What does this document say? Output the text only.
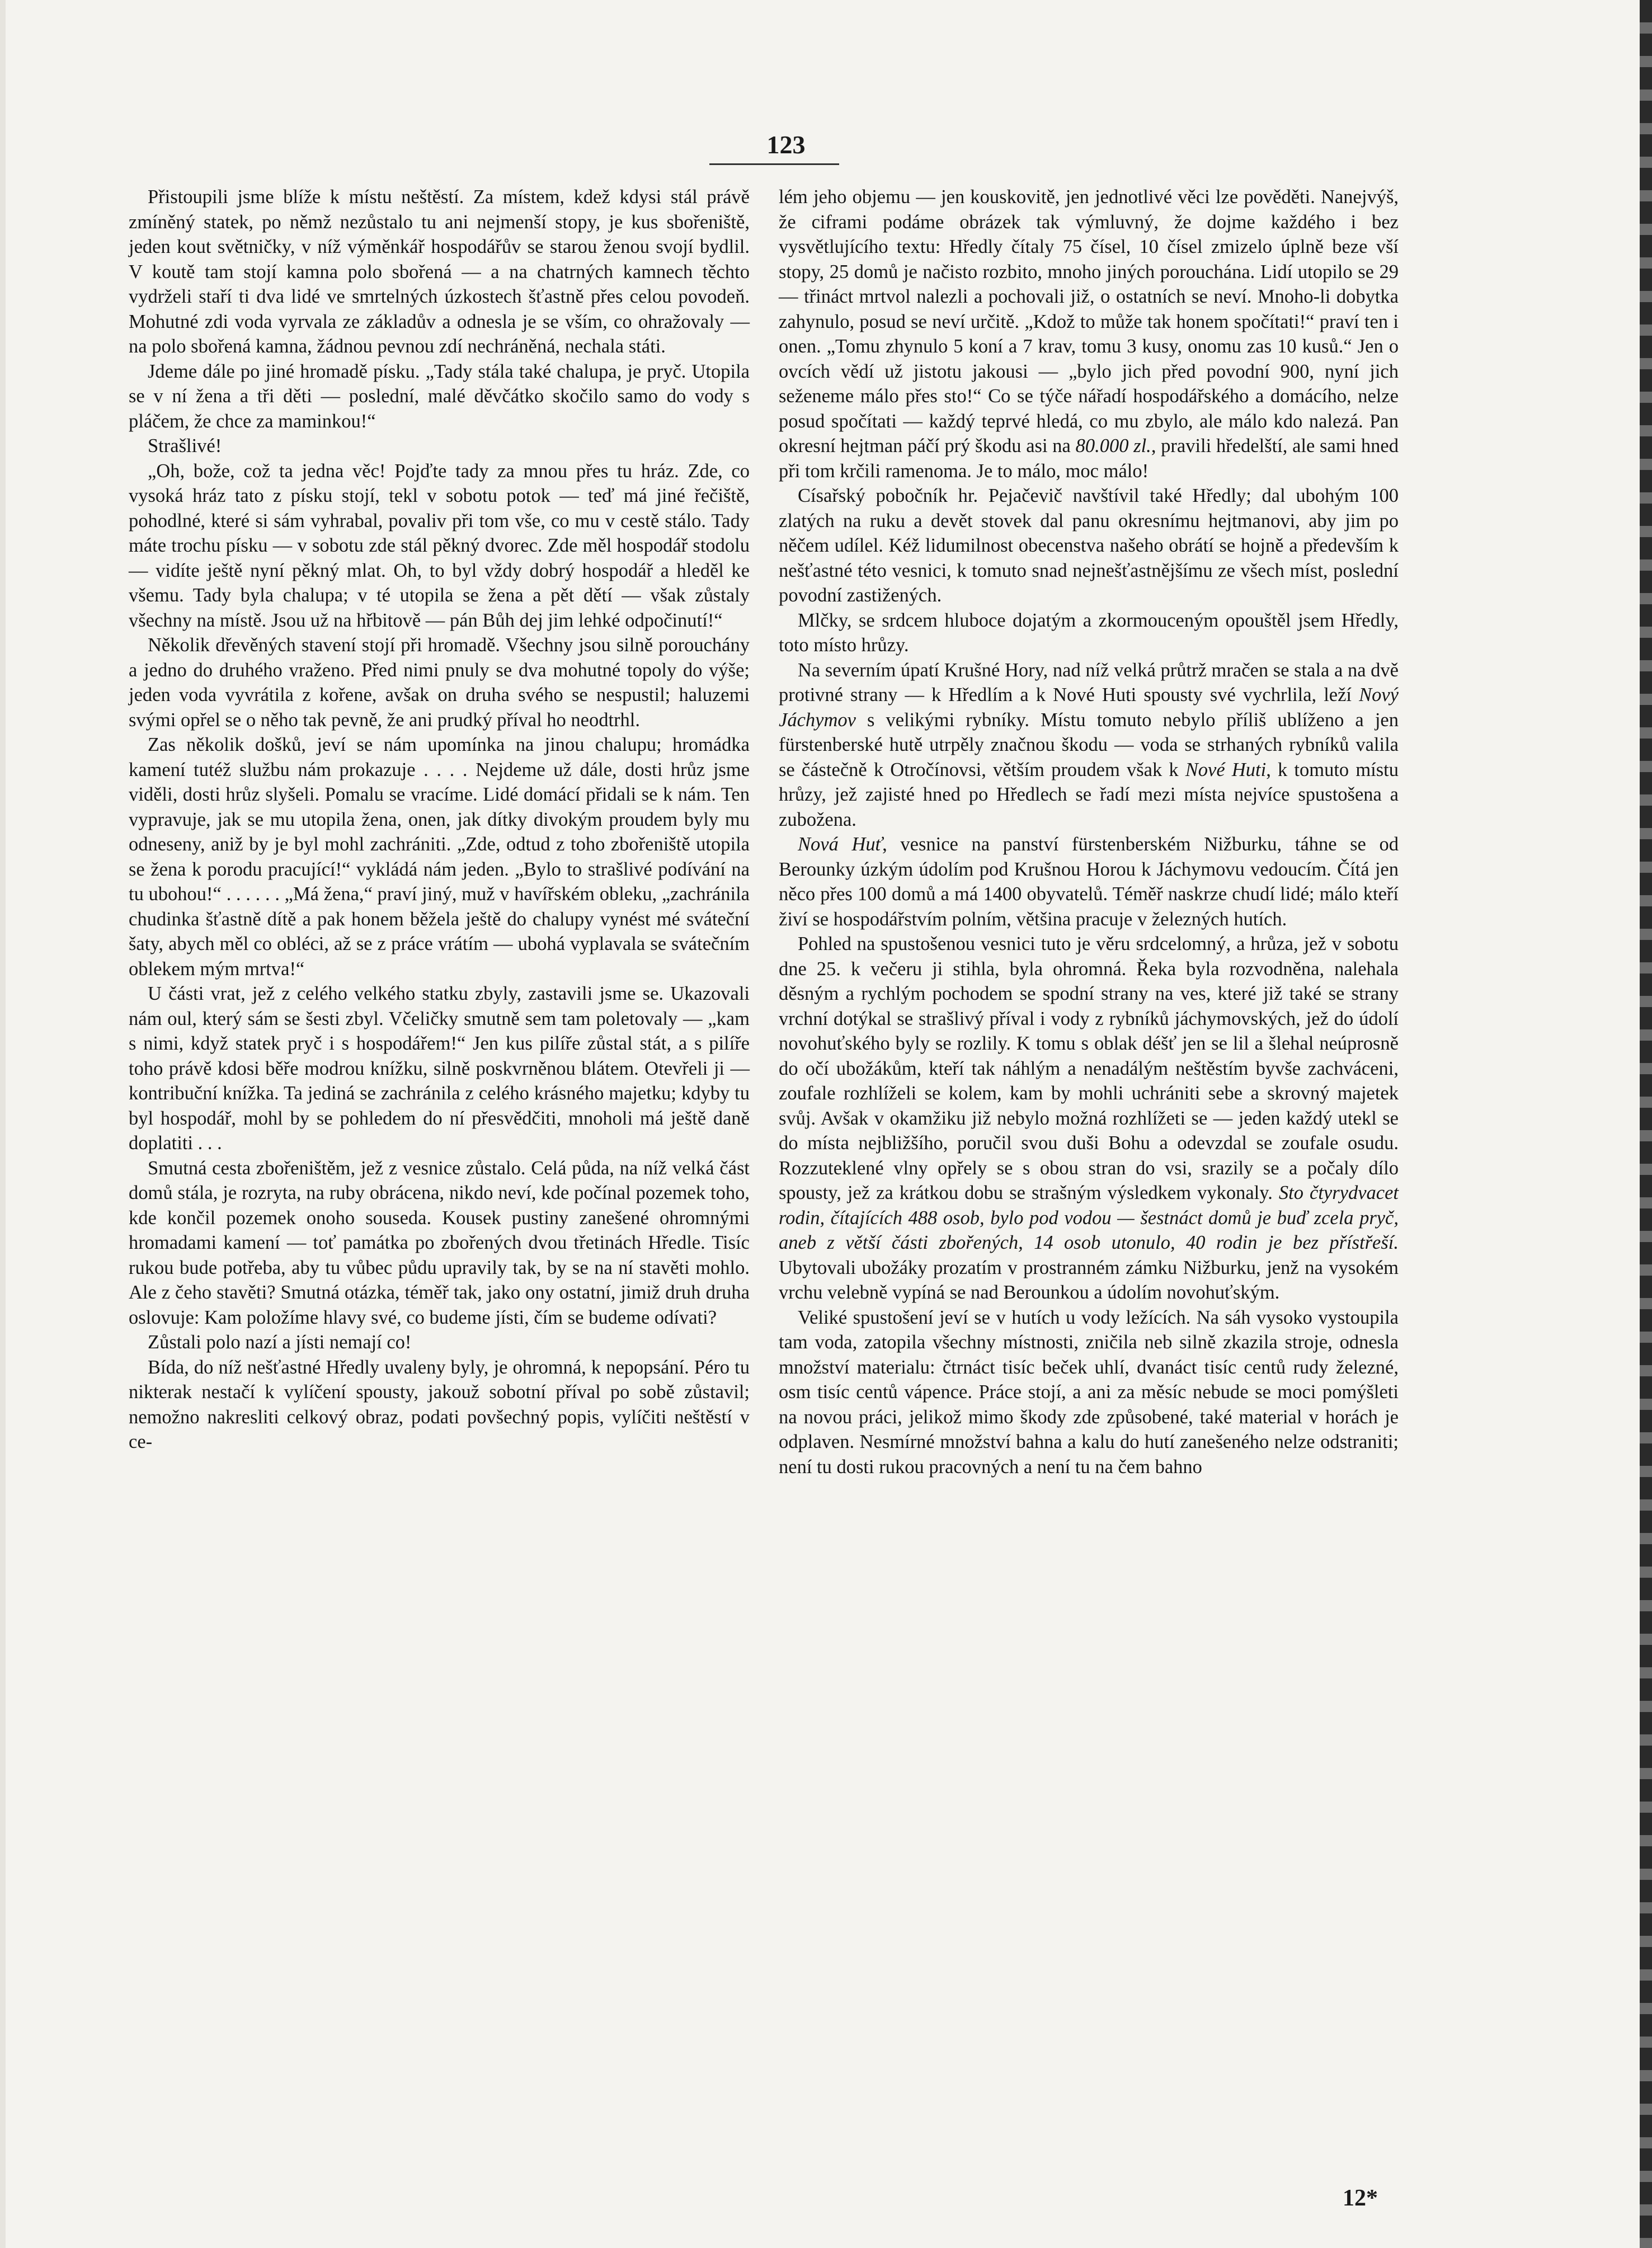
123

Přistoupili jsme blíže k místu neštěstí. Za místem, kdež kdysi stál právě zmíněný statek, po němž nezůstalo tu ani nejmenší stopy, je kus sbořeniště, jeden kout světničky, v níž výměnkář hospodářův se starou ženou svojí bydlil. V koutě tam stojí kamna polo sbořená — a na chatrných kamnech těchto vydrželi staří ti dva lidé ve smrtelných úzkostech šťastně přes celou povodeň. Mohutné zdi voda vyrvala ze základův a odnesla je se vším, co ohražovaly — na polo sbořená kamna, žádnou pevnou zdí nechráněná, nechala státi.

Jdeme dále po jiné hromadě písku. „Tady stála také chalupa, je pryč. Utopila se v ní žena a tři děti — poslední, malé děvčátko skočilo samo do vody s pláčem, že chce za maminkou!“

Strašlivé!

„Oh, bože, což ta jedna věc! Pojďte tady za mnou přes tu hráz. Zde, co vysoká hráz tato z písku stojí, tekl v sobotu potok — teď má jiné řečiště, pohodlné, které si sám vyhrabal, povaliv při tom vše, co mu v cestě stálo. Tady máte trochu písku — v sobotu zde stál pěkný dvorec. Zde měl hospodář stodolu — vidíte ještě nyní pěkný mlat. Oh, to byl vždy dobrý hospodář a hleděl ke všemu. Tady byla chalupa; v té utopila se žena a pět dětí — však zůstaly všechny na místě. Jsou už na hřbitově — pán Bůh dej jim lehké odpočinutí!“

Několik dřevěných stavení stojí při hromadě. Všechny jsou silně porouchány a jedno do druhého vraženo. Před nimi pnuly se dva mohutné topoly do výše; jeden voda vyvrátila z kořene, avšak on druha svého se nespustil; haluzemi svými opřel se o něho tak pevně, že ani prudký příval ho neodtrhl.

Zas několik došků, jeví se nám upomínka na jinou chalupu; hromádka kamení tutéž službu nám prokazuje . . . . Nejdeme už dále, dosti hrůz jsme viděli, dosti hrůz slyšeli. Pomalu se vracíme. Lidé domácí přidali se k nám. Ten vypravuje, jak se mu utopila žena, onen, jak dítky divokým proudem byly mu odneseny, aniž by je byl mohl zachrániti. „Zde, odtud z toho zbořeniště utopila se žena k porodu pracující!“ vykládá nám jeden. „Bylo to strašlivé podívání na tu ubohou!“ . . . . . . „Má žena,“ praví jiný, muž v havířském obleku, „zachránila chudinka šťastně dítě a pak honem běžela ještě do chalupy vynést mé sváteční šaty, abych měl co obléci, až se z práce vrátím — ubohá vyplavala se svátečním oblekem mým mrtva!“

U části vrat, jež z celého velkého statku zbyly, zastavili jsme se. Ukazovali nám oul, který sám se šesti zbyl. Včeličky smutně sem tam poletovaly — „kam s nimi, když statek pryč i s hospodářem!“ Jen kus pilíře zůstal stát, a s pilíře toho právě kdosi běře modrou knížku, silně poskvrněnou blátem. Otevřeli ji — kontribuční knížka. Ta jediná se zachránila z celého krásného majetku; kdyby tu byl hospodář, mohl by se pohledem do ní přesvědčiti, mnoholi má ještě daně doplatiti . . .

Smutná cesta zbořeništěm, jež z vesnice zůstalo. Celá půda, na níž velká část domů stála, je rozryta, na ruby obrácena, nikdo neví, kde počínal pozemek toho, kde končil pozemek onoho souseda. Kousek pustiny zanešené ohromnými hromadami kamení — toť památka po zbořených dvou třetinách Hředle. Tisíc rukou bude potřeba, aby tu vůbec půdu upravily tak, by se na ní stavěti mohlo. Ale z čeho stavěti? Smutná otázka, téměř tak, jako ony ostatní, jimiž druh druha oslovuje: Kam položíme hlavy své, co budeme jísti, čím se budeme odívati?

Zůstali polo nazí a jísti nemají co!

Bída, do níž nešťastné Hředly uvaleny byly, je ohromná, k nepopsání. Péro tu nikterak nestačí k vylíčení spousty, jakouž sobotní příval po sobě zůstavil; nemožno nakresliti celkový obraz, podati povšechný popis, vylíčiti neštěstí v ce-

lém jeho objemu — jen kouskovitě, jen jednotlivé věci lze pověděti. Nanejvýš, že ciframi podáme obrázek tak výmluvný, že dojme každého i bez vysvětlujícího textu: Hředly čítaly 75 čísel, 10 čísel zmizelo úplně beze vší stopy, 25 domů je načisto rozbito, mnoho jiných porouchána. Lidí utopilo se 29 — třináct mrtvol nalezli a pochovali již, o ostatních se neví. Mnoho-li dobytka zahynulo, posud se neví určitě. „Kdož to může tak honem spočítati!“ praví ten i onen. „Tomu zhynulo 5 koní a 7 krav, tomu 3 kusy, onomu zas 10 kusů.“ Jen o ovcích vědí už jistotu jakousi — „bylo jich před povodní 900, nyní jich seženeme málo přes sto!“ Co se týče nářadí hospodářského a domácího, nelze posud spočítati — každý teprvé hledá, co mu zbylo, ale málo kdo nalezá. Pan okresní hejtman páčí prý škodu asi na 80.000 zl., pravili hředelští, ale sami hned při tom krčili ramenoma. Je to málo, moc málo!

Císařský pobočník hr. Pejačevič navštívil také Hředly; dal ubohým 100 zlatých na ruku a devět stovek dal panu okresnímu hejtmanovi, aby jim po něčem udílel. Kéž lidumilnost obecenstva našeho obrátí se hojně a především k nešťastné této vesnici, k tomuto snad nejnešťastnějšímu ze všech míst, poslední povodní zastižených.

Mlčky, se srdcem hluboce dojatým a zkormouceným opouštěl jsem Hředly, toto místo hrůzy.

Na severním úpatí Krušné Hory, nad níž velká průtrž mračen se stala a na dvě protivné strany — k Hředlím a k Nové Huti spousty své vychrlila, leží Nový Jáchymov s velikými rybníky. Místu tomuto nebylo příliš ublíženo a jen fürstenberské hutě utrpěly značnou škodu — voda se strhaných rybníků valila se částečně k Otročínovsi, větším proudem však k Nové Huti, k tomuto místu hrůzy, jež zajisté hned po Hředlech se řadí mezi místa nejvíce spustošena a zubožena.

Nová Huť, vesnice na panství fürstenberském Nižburku, táhne se od Berounky úzkým údolím pod Krušnou Horou k Jáchymovu vedoucím. Čítá jen něco přes 100 domů a má 1400 obyvatelů. Téměř naskrze chudí lidé; málo kteří živí se hospodářstvím polním, většina pracuje v železných hutích.

Pohled na spustošenou vesnici tuto je věru srdcelomný, a hrůza, jež v sobotu dne 25. k večeru ji stihla, byla ohromná. Řeka byla rozvodněna, nalehala děsným a rychlým pochodem se spodní strany na ves, které již také se strany vrchní dotýkal se strašlivý příval i vody z rybníků jáchymovských, jež do údolí novohuťského byly se rozlily. K tomu s oblak déšť jen se lil a šlehal neúprosně do očí ubožákům, kteří tak náhlým a nenadálým neštěstím byvše zachváceni, zoufale rozhlíželi se kolem, kam by mohli uchrániti sebe a skrovný majetek svůj. Avšak v okamžiku již nebylo možná rozhlížeti se — jeden každý utekl se do místa nejbližšího, poručil svou duši Bohu a odevzdal se zoufale osudu. Rozzuteklené vlny opřely se s obou stran do vsi, srazily se a počaly dílo spousty, jež za krátkou dobu se strašným výsledkem vykonaly. Sto čtyrydvacet rodin, čítajících 488 osob, bylo pod vodou — šestnáct domů je buď zcela pryč, aneb z větší části zbořených, 14 osob utonulo, 40 rodin je bez přístřeší. Ubytovali ubožáky prozatím v prostranném zámku Nižburku, jenž na vysokém vrchu velebně vypíná se nad Berounkou a údolím novohuťským.

Veliké spustošení jeví se v hutích u vody ležících. Na sáh vysoko vystoupila tam voda, zatopila všechny místnosti, zničila neb silně zkazila stroje, odnesla množství materialu: čtrnáct tisíc beček uhlí, dvanáct tisíc centů rudy železné, osm tisíc centů vápence. Práce stojí, a ani za měsíc nebude se moci pomýšleti na novou práci, jelikož mimo škody zde způsobené, také material v horách je odplaven. Nesmírné množství bahna a kalu do hutí zanešeného nelze odstraniti; není tu dosti rukou pracovných a není tu na čem bahno

12*
